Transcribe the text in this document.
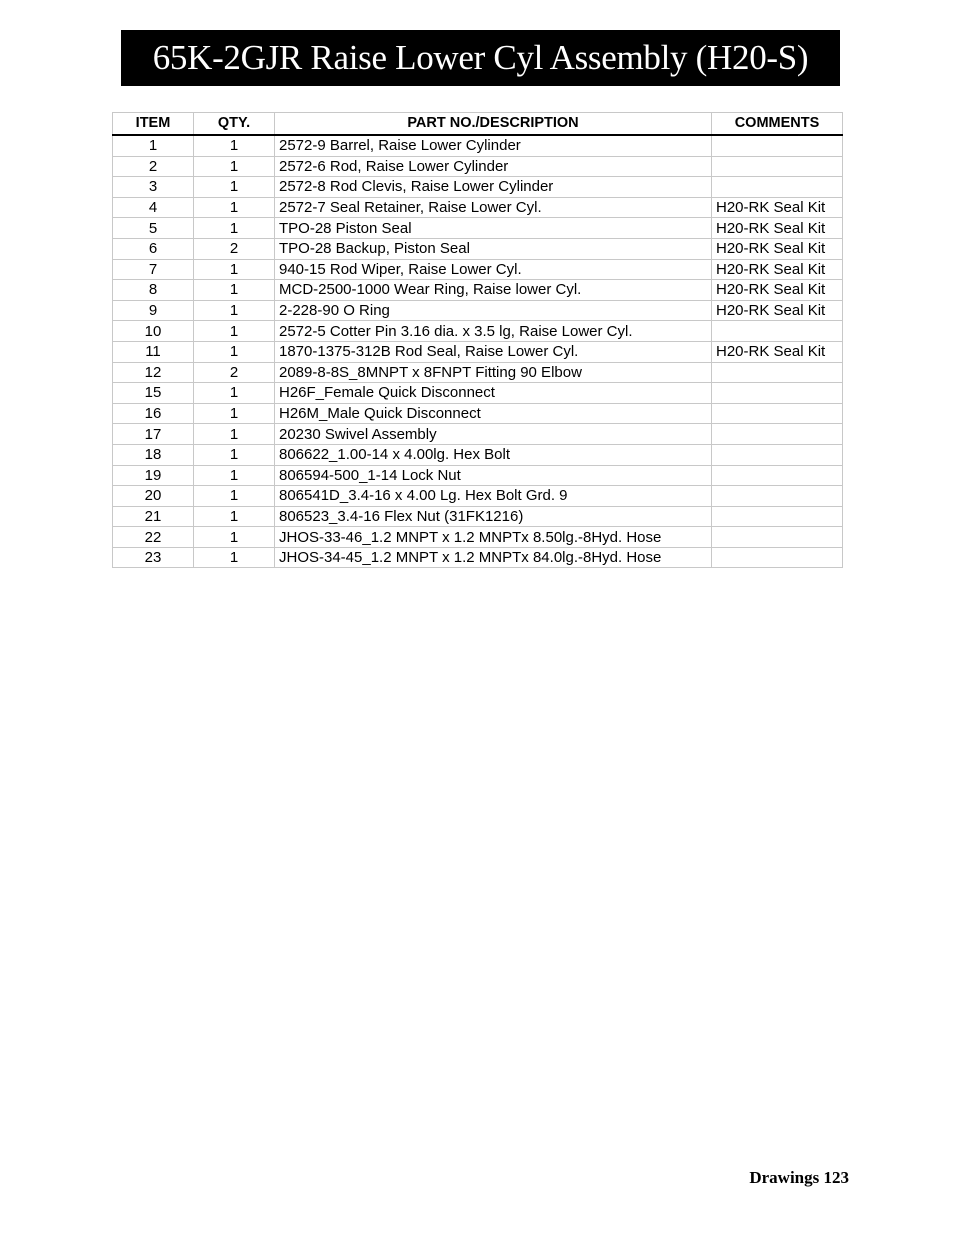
65K-2GJR Raise Lower Cyl Assembly (H20-S)
ITEM	QTY.	PART NO./DESCRIPTION	COMMENTS
1	1	2572-9 Barrel, Raise Lower Cylinder	
2	1	2572-6 Rod, Raise Lower Cylinder	
3	1	2572-8 Rod Clevis, Raise Lower Cylinder	
4	1	2572-7 Seal Retainer, Raise Lower Cyl.	H20-RK Seal Kit
5	1	TPO-28 Piston Seal	H20-RK Seal Kit
6	2	TPO-28 Backup, Piston Seal	H20-RK Seal Kit
7	1	940-15 Rod Wiper, Raise Lower Cyl.	H20-RK Seal Kit
8	1	MCD-2500-1000 Wear Ring, Raise lower Cyl.	H20-RK Seal Kit
9	1	2-228-90 O Ring	H20-RK Seal Kit
10	1	2572-5 Cotter Pin 3.16 dia. x 3.5 lg, Raise Lower Cyl.	
11	1	1870-1375-312B Rod Seal, Raise Lower Cyl.	H20-RK Seal Kit
12	2	2089-8-8S_8MNPT x 8FNPT Fitting 90 Elbow	
15	1	H26F_Female Quick Disconnect	
16	1	H26M_Male Quick Disconnect	
17	1	20230 Swivel Assembly	
18	1	806622_1.00-14 x 4.00lg. Hex Bolt	
19	1	806594-500_1-14 Lock Nut	
20	1	806541D_3.4-16 x 4.00 Lg. Hex Bolt Grd. 9	
21	1	806523_3.4-16 Flex Nut (31FK1216)	
22	1	JHOS-33-46_1.2 MNPT x 1.2 MNPTx 8.50lg.-8Hyd. Hose	
23	1	JHOS-34-45_1.2 MNPT x 1.2 MNPTx 84.0lg.-8Hyd. Hose	
Drawings 123
